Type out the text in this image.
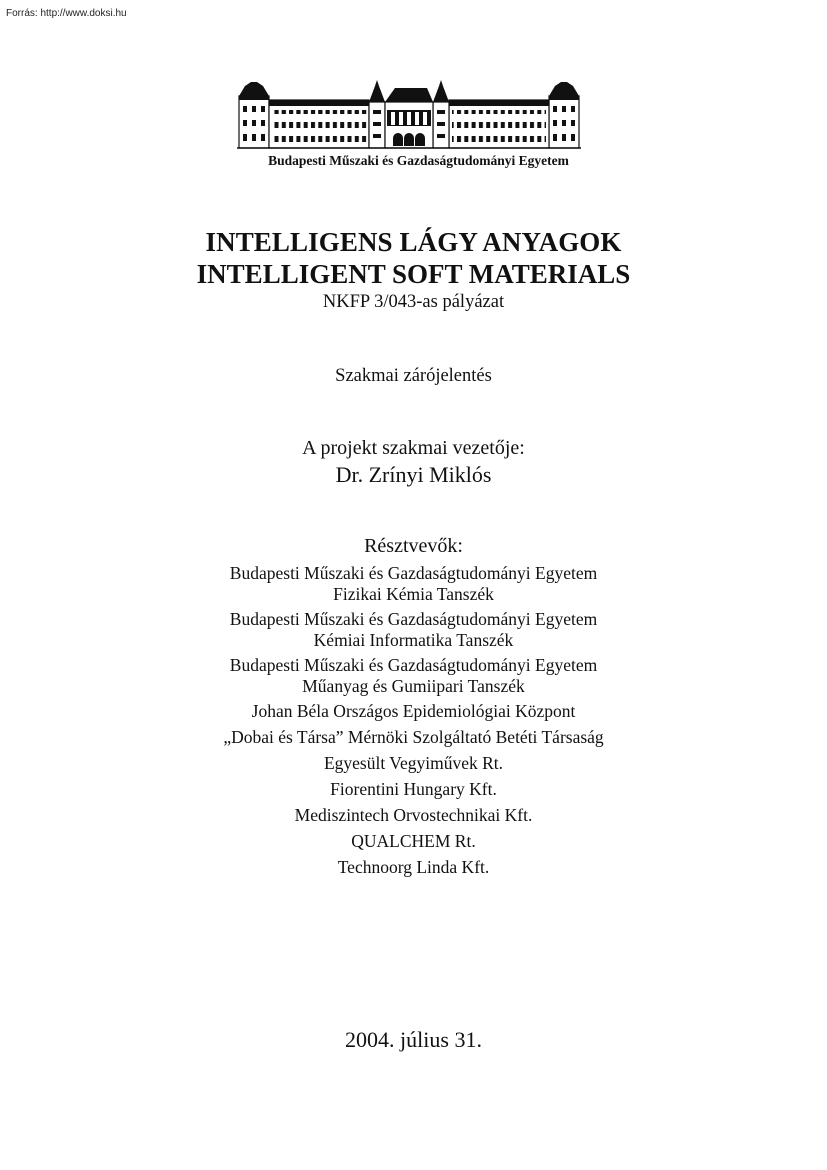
Forrás: http://www.doksi.hu
Budapesti Műszaki és Gazdaságtudományi Egyetem
INTELLIGENS LÁGY ANYAGOK
INTELLIGENT SOFT MATERIALS
NKFP 3/043-as pályázat
Szakmai zárójelentés
A projekt szakmai vezetője:
Dr. Zrínyi Miklós
Résztvevők:
Budapesti Műszaki és Gazdaságtudományi Egyetem
Fizikai Kémia Tanszék
Budapesti Műszaki és Gazdaságtudományi Egyetem
Kémiai Informatika Tanszék
Budapesti Műszaki és Gazdaságtudományi Egyetem
Műanyag és Gumiipari Tanszék
Johan Béla Országos Epidemiológiai Központ
„Dobai és Társa” Mérnöki Szolgáltató Betéti Társaság
Egyesült Vegyiművek Rt.
Fiorentini Hungary Kft.
Mediszintech Orvostechnikai Kft.
QUALCHEM Rt.
Technoorg Linda Kft.
2004. július 31.
